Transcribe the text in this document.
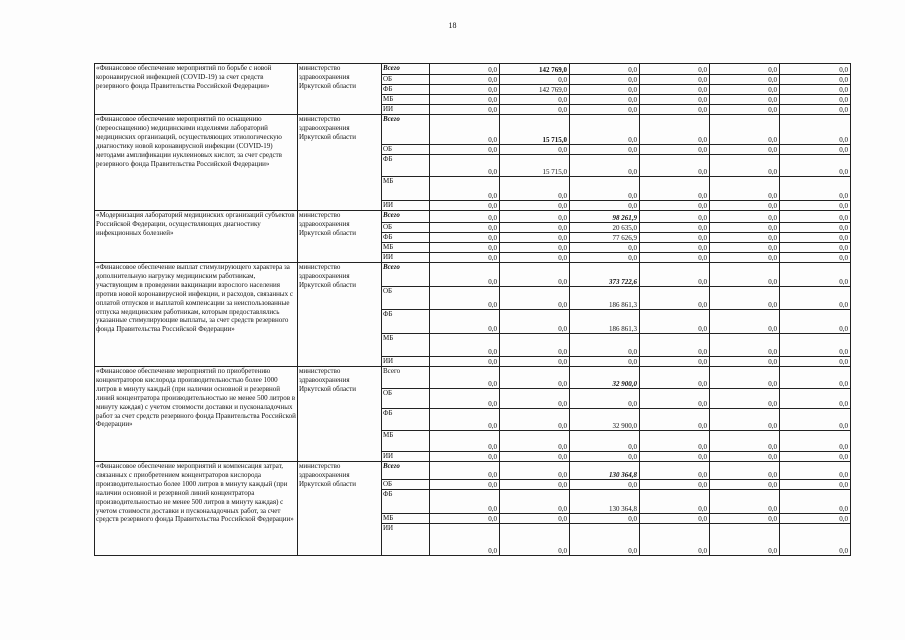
18
«Финансовое обеспечение мероприятий по борьбе с новой коронавирусной инфекцией (COVID-19) за счет средств резервного фонда Правительства Российской Федерации»	министерство здравоохранения Иркутской области	Всего	0,0	142 769,0	0,0	0,0	0,0	0,0
		ОБ	0,0	0,0	0,0	0,0	0,0	0,0
		ФБ	0,0	142 769,0	0,0	0,0	0,0	0,0
		МБ	0,0	0,0	0,0	0,0	0,0	0,0
		ИИ	0,0	0,0	0,0	0,0	0,0	0,0
«Финансовое обеспечение мероприятий по оснащению (переоснащению) медицинскими изделиями лабораторий медицинских организаций, осуществляющих этиологическую диагностику новой коронавирусной инфекции (COVID-19) методами амплификации нуклеиновых кислот, за счет средств резервного фонда Правительства Российской Федерации»	министерство здравоохранения Иркутской области	Всего	0,0	15 715,0	0,0	0,0	0,0	0,0
		ОБ	0,0	0,0	0,0	0,0	0,0	0,0
		ФБ	0,0	15 715,0	0,0	0,0	0,0	0,0
		МБ	0,0	0,0	0,0	0,0	0,0	0,0
		ИИ	0,0	0,0	0,0	0,0	0,0	0,0
«Модернизация лабораторий медицинских организаций субъектов Российской Федерации, осуществляющих диагностику инфекционных болезней»	министерство здравоохранения Иркутской области	Всего	0,0	0,0	98 261,9	0,0	0,0	0,0
		ОБ	0,0	0,0	20 635,0	0,0	0,0	0,0
		ФБ	0,0	0,0	77 626,9	0,0	0,0	0,0
		МБ	0,0	0,0	0,0	0,0	0,0	0,0
		ИИ	0,0	0,0	0,0	0,0	0,0	0,0
«Финансовое обеспечение выплат стимулирующего характера за дополнительную нагрузку медицинским работникам, участвующим в проведении вакцинации взрослого населения против новой коронавирусной инфекции, и расходов, связанных с оплатой отпусков и выплатой компенсации за неиспользованные отпуска медицинским работникам, которым предоставлялись указанные стимулирующие выплаты, за счет средств резервного фонда Правительства Российской Федерации»	министерство здравоохранения Иркутской области	Всего	0,0	0,0	373 722,6	0,0	0,0	0,0
		ОБ	0,0	0,0	186 861,3	0,0	0,0	0,0
		ФБ	0,0	0,0	186 861,3	0,0	0,0	0,0
		МБ	0,0	0,0	0,0	0,0	0,0	0,0
		ИИ	0,0	0,0	0,0	0,0	0,0	0,0
«Финансовое обеспечение мероприятий по приобретению концентраторов кислорода производительностью более 1000 литров в минуту каждый (при наличии основной и резервной линий концентратора производительностью не менее 500 литров в минуту каждая) с учетом стоимости доставки и пусконаладочных работ за счет средств резервного фонда Правительства Российской Федерации»	министерство здравоохранения Иркутской области	Всего	0,0	0,0	32 900,0	0,0	0,0	0,0
		ОБ	0,0	0,0	0,0	0,0	0,0	0,0
		ФБ	0,0	0,0	32 900,0	0,0	0,0	0,0
		МБ	0,0	0,0	0,0	0,0	0,0	0,0
		ИИ	0,0	0,0	0,0	0,0	0,0	0,0
«Финансовое обеспечение мероприятий и компенсация затрат, связанных с приобретением концентраторов кислорода производительностью более 1000 литров в минуту каждый (при наличии основной и резервной линий концентратора производительностью не менее 500 литров в минуту каждая) с учетом стоимости доставки и пусконаладочных работ, за счет средств резервного фонда Правительства Российской Федерации»	министерство здравоохранения Иркутской области	Всего	0,0	0,0	130 364,8	0,0	0,0	0,0
		ОБ	0,0	0,0	0,0	0,0	0,0	0,0
		ФБ	0,0	0,0	130 364,8	0,0	0,0	0,0
		МБ	0,0	0,0	0,0	0,0	0,0	0,0
		ИИ	0,0	0,0	0,0	0,0	0,0	0,0
